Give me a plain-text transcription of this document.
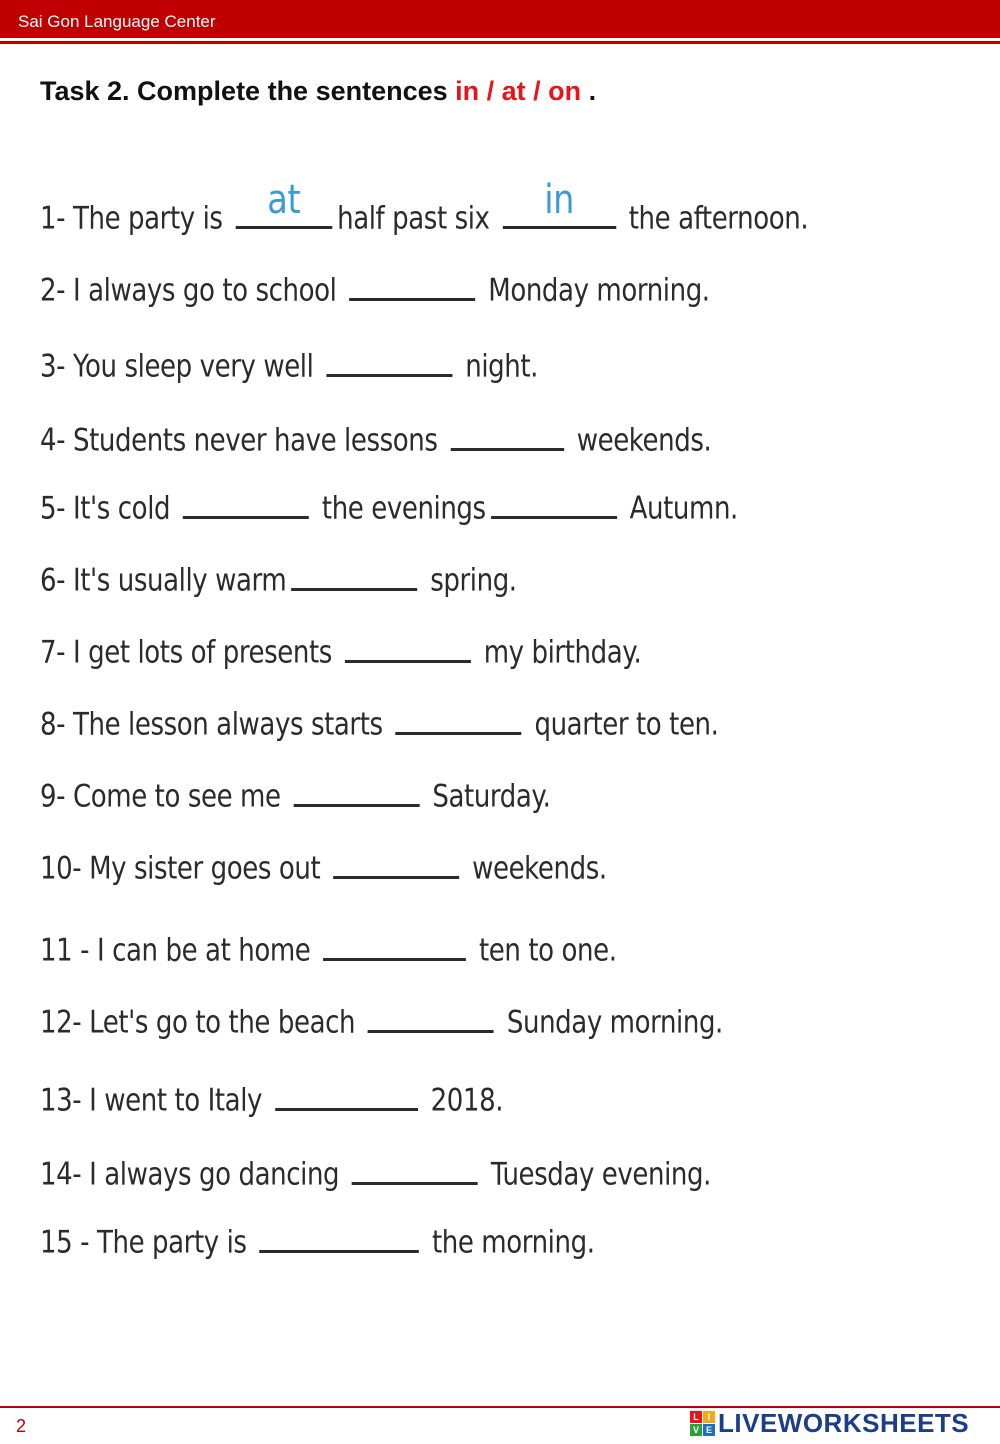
Sai Gon Language Center
Task 2. Complete the sentences in / at / on .
1- The party is	at	half past six	in	the afternoon.
2- I always go to school	Monday morning.
3- You sleep very well	night.
4- Students never have lessons	weekends.
5- It's cold	the evenings	Autumn.
6- It's usually warm	spring.
7- I get lots of presents	my birthday.
8- The lesson always starts	quarter to ten.
9- Come to see me	Saturday.
10- My sister goes out	weekends.
11 - I can be at home	ten to one.
12- Let's go to the beach	Sunday morning.
13- I went to Italy	2018.
14- I always go dancing	Tuesday evening.
15 - The party is	the morning.
2	L I
V E LIVEWORKSHEETS
